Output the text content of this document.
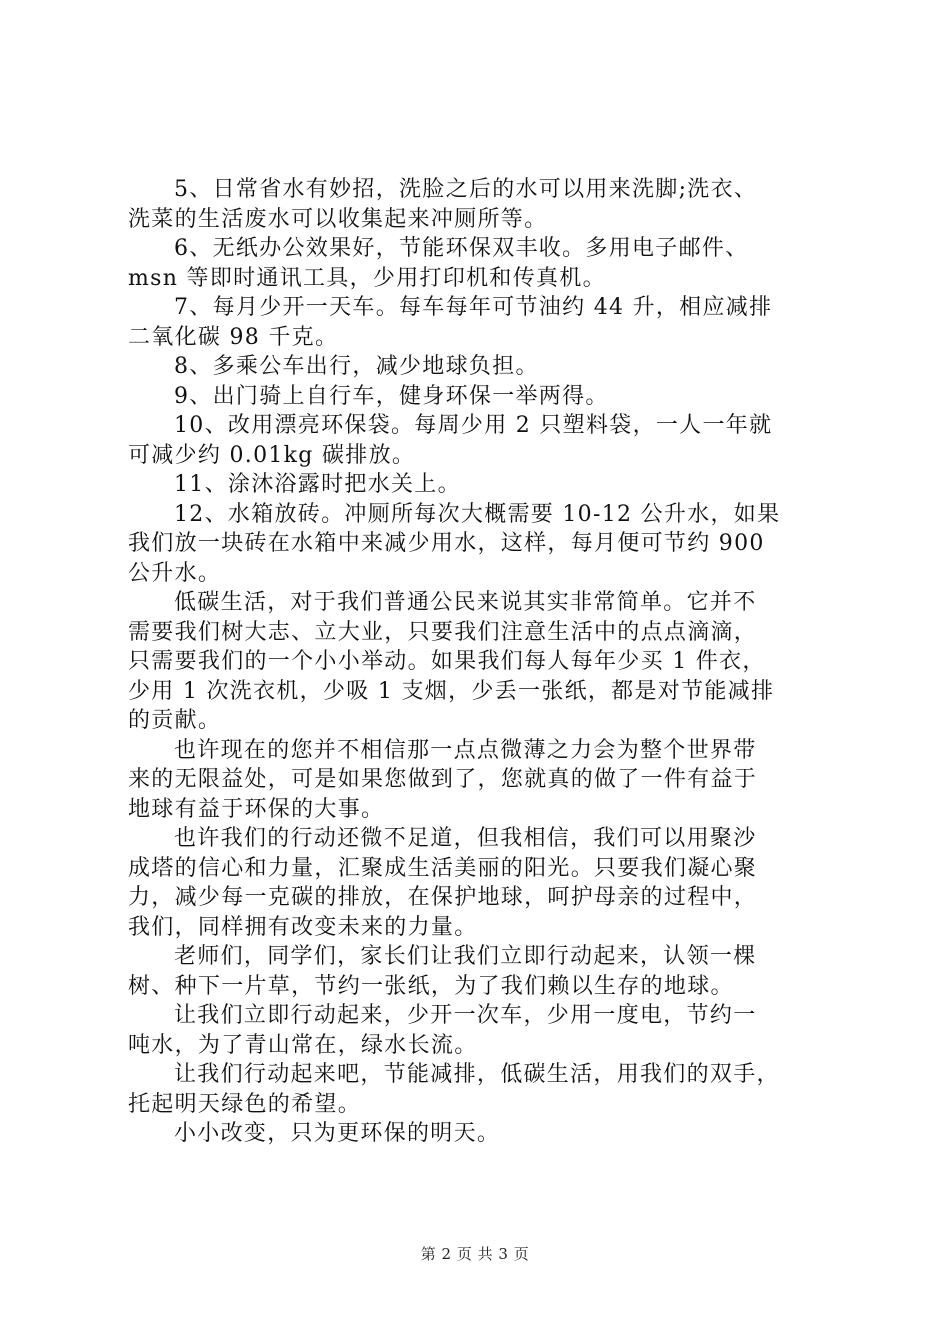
5、日常省水有妙招，洗脸之后的水可以用来洗脚;洗衣、
洗菜的生活废水可以收集起来冲厕所等。
6、无纸办公效果好，节能环保双丰收。多用电子邮件、
msn 等即时通讯工具，少用打印机和传真机。
7、每月少开一天车。每车每年可节油约 44 升，相应减排
二氧化碳 98 千克。
8、多乘公车出行，减少地球负担。
9、出门骑上自行车，健身环保一举两得。
10、改用漂亮环保袋。每周少用 2 只塑料袋，一人一年就
可减少约 0.01kg 碳排放。
11、涂沐浴露时把水关上。
12、水箱放砖。冲厕所每次大概需要 10-12 公升水，如果
我们放一块砖在水箱中来减少用水，这样，每月便可节约 900
公升水。
低碳生活，对于我们普通公民来说其实非常简单。它并不
需要我们树大志、立大业，只要我们注意生活中的点点滴滴，
只需要我们的一个小小举动。如果我们每人每年少买 1 件衣，
少用 1 次洗衣机，少吸 1 支烟，少丢一张纸，都是对节能减排
的贡献。
也许现在的您并不相信那一点点微薄之力会为整个世界带
来的无限益处，可是如果您做到了，您就真的做了一件有益于
地球有益于环保的大事。
也许我们的行动还微不足道，但我相信，我们可以用聚沙
成塔的信心和力量，汇聚成生活美丽的阳光。只要我们凝心聚
力，减少每一克碳的排放，在保护地球，呵护母亲的过程中，
我们，同样拥有改变未来的力量。
老师们，同学们，家长们让我们立即行动起来，认领一棵
树、种下一片草，节约一张纸，为了我们赖以生存的地球。
让我们立即行动起来，少开一次车，少用一度电，节约一
吨水，为了青山常在，绿水长流。
让我们行动起来吧，节能减排，低碳生活，用我们的双手，
托起明天绿色的希望。
小小改变，只为更环保的明天。
第 2 页 共 3 页
